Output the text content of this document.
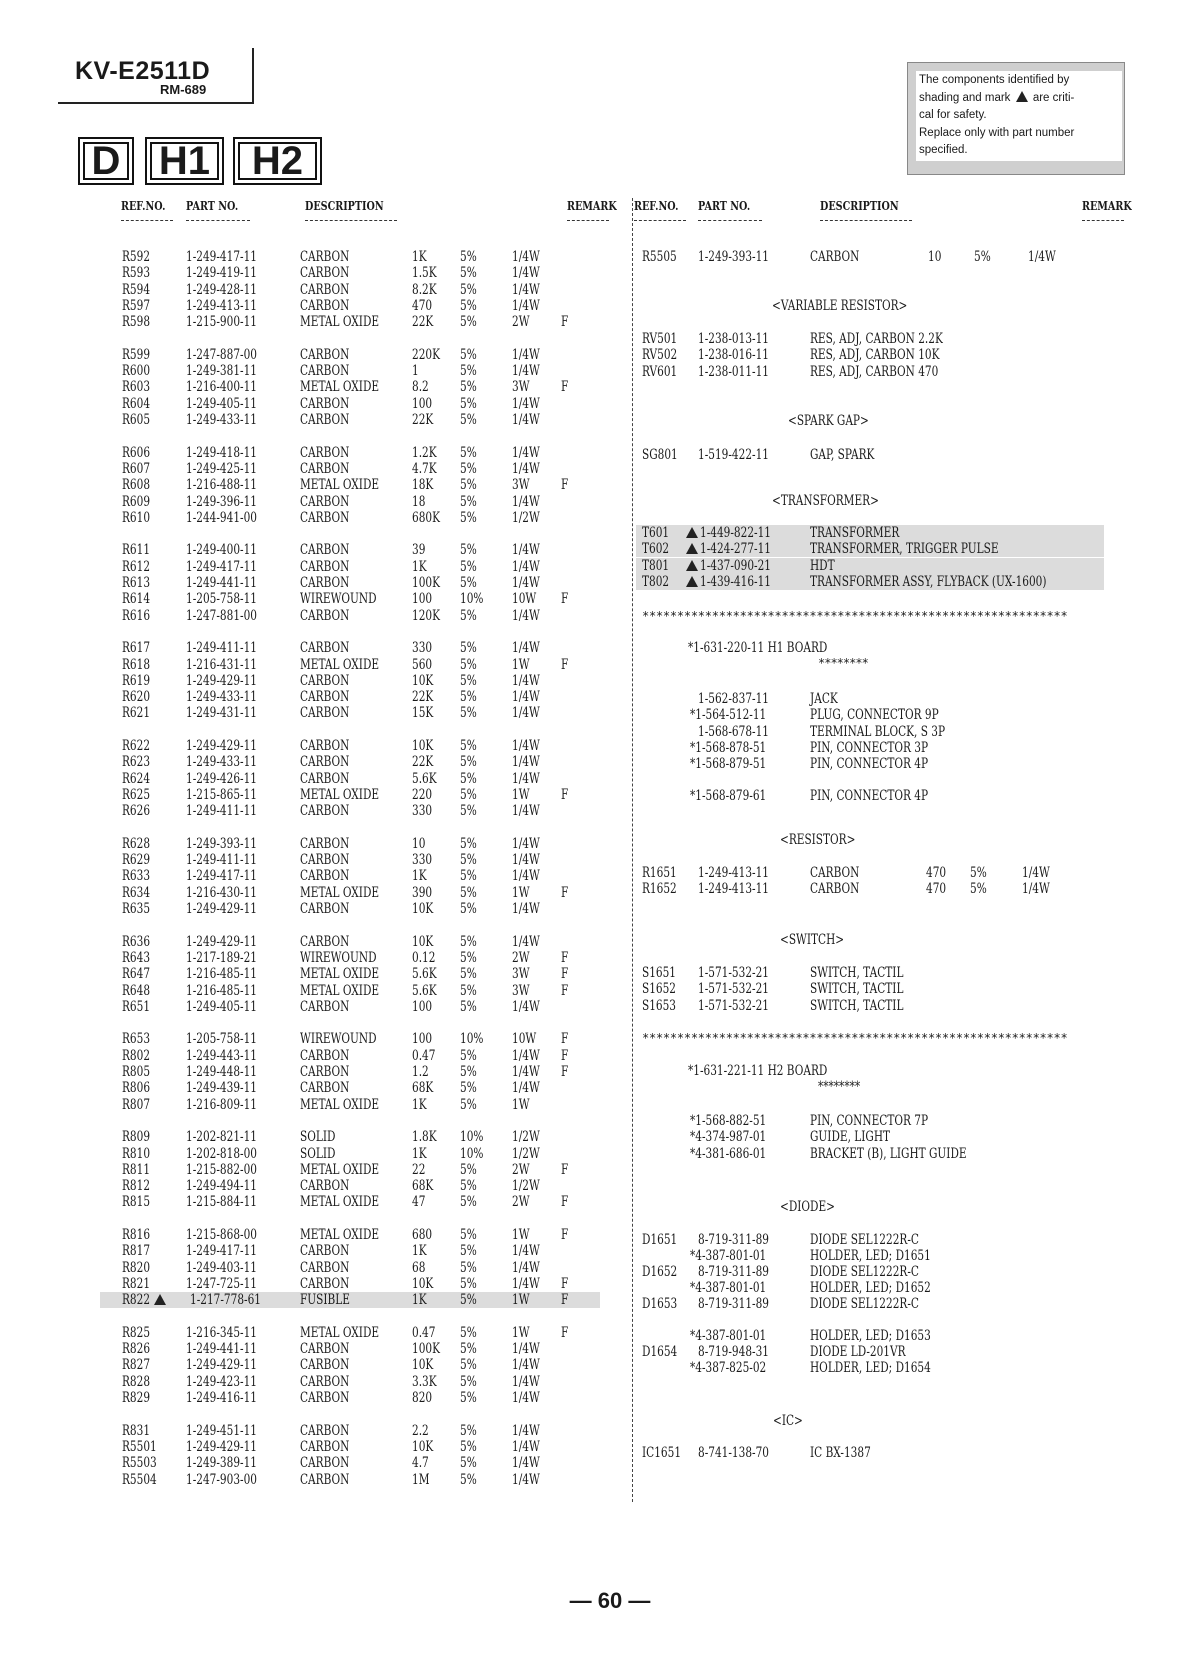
KV-E2511D
RM-689
D H1	H2
The components identified by
shading and mark are criti-
cal for safety.
Replace only with part number
specified.
REF.NO. PART NO.	DESCRIPTION	REMARK REF.NO. PART NO.	DESCRIPTION	REMARK
R592	1-249-417-11	CARBON	1K 5%	1/4W
R593	1-249-419-11	CARBON	1.5K 5%	1/4W
R594	1-249-428-11	CARBON	8.2K 5%	1/4W
R597	1-249-413-11	CARBON	470 5%	1/4W
R598	1-215-900-11	METAL OXIDE 22K 5%	2W F
R599	1-247-887-00	CARBON	220K 5%	1/4W
R600	1-249-381-11	CARBON	1	5%	1/4W
R603	1-216-400-11	METAL OXIDE 8.2 5%	3W F
R604	1-249-405-11	CARBON	100 5%	1/4W
R605	1-249-433-11	CARBON	22K 5%	1/4W
R606	1-249-418-11	CARBON	1.2K 5%	1/4W
R607	1-249-425-11	CARBON	4.7K 5%	1/4W
R608	1-216-488-11	METAL OXIDE 18K 5%	3W F
R609	1-249-396-11	CARBON	18	5%	1/4W
R610	1-244-941-00	CARBON	680K 5%	1/2W
R611	1-249-400-11	CARBON	39	5%	1/4W
R612	1-249-417-11	CARBON	1K 5%	1/4W
R613	1-249-441-11	CARBON	100K 5%	1/4W
R614	1-205-758-11	WIREWOUND	100 10% 10W F
R616	1-247-881-00	CARBON	120K 5%	1/4W
R617	1-249-411-11	CARBON	330 5%	1/4W
R618	1-216-431-11	METAL OXIDE 560 5%	1W F
R619	1-249-429-11	CARBON	10K 5%	1/4W
R620	1-249-433-11	CARBON	22K 5%	1/4W
R621	1-249-431-11	CARBON	15K 5%	1/4W
R622	1-249-429-11	CARBON	10K 5%	1/4W
R623	1-249-433-11	CARBON	22K 5%	1/4W
R624	1-249-426-11	CARBON	5.6K 5%	1/4W
R625	1-215-865-11	METAL OXIDE 220 5%	1W F
R626	1-249-411-11	CARBON	330 5%	1/4W
R628	1-249-393-11	CARBON	10	5%	1/4W
R629	1-249-411-11	CARBON	330 5%	1/4W
R633	1-249-417-11	CARBON	1K 5%	1/4W
R634	1-216-430-11	METAL OXIDE 390 5%	1W F
R635	1-249-429-11	CARBON	10K 5%	1/4W
R636	1-249-429-11	CARBON	10K 5%	1/4W
R643	1-217-189-21	WIREWOUND	0.12 5%	2W F
R647	1-216-485-11	METAL OXIDE 5.6K 5%	3W F
R648	1-216-485-11	METAL OXIDE 5.6K 5%	3W F
R651	1-249-405-11	CARBON	100 5%	1/4W
R653	1-205-758-11	WIREWOUND	100 10% 10W F
R802	1-249-443-11	CARBON	0.47 5%	1/4W F
R805	1-249-448-11	CARBON	1.2 5%	1/4W F
R806	1-249-439-11	CARBON	68K 5%	1/4W
R807	1-216-809-11	METAL OXIDE 1K 5%	1W
R809	1-202-821-11	SOLID	1.8K 10% 1/2W
R810	1-202-818-00	SOLID	1K 10% 1/2W
R811	1-215-882-00	METAL OXIDE 22	5%	2W F
R812	1-249-494-11	CARBON	68K 5%	1/2W
R815	1-215-884-11	METAL OXIDE 47	5%	2W F
R816	1-215-868-00	METAL OXIDE 680 5%	1W F
R817	1-249-417-11	CARBON	1K 5%	1/4W
R820	1-249-403-11	CARBON	68	5%	1/4W
R821	1-247-725-11	CARBON	10K 5%	1/4W F
R822	1-217-778-61	FUSIBLE	1K 5%	1W F
R825	1-216-345-11	METAL OXIDE 0.47 5%	1W F
R826	1-249-441-11	CARBON	100K 5%	1/4W
R827	1-249-429-11	CARBON	10K 5%	1/4W
R828	1-249-423-11	CARBON	3.3K 5%	1/4W
R829	1-249-416-11	CARBON	820 5%	1/4W
R831	1-249-451-11	CARBON	2.2 5%	1/4W
R5501 1-249-429-11	CARBON	10K 5%	1/4W
R5503 1-249-389-11	CARBON	4.7 5%	1/4W
R5504 1-247-903-00	CARBON	1M 5%	1/4W
R5505 1-249-393-11	CARBON	10 5%	1/4W
<VARIABLE RESISTOR>
RV501 1-238-013-11	RES, ADJ, CARBON 2.2K
RV502 1-238-016-11	RES, ADJ, CARBON 10K
RV601 1-238-011-11	RES, ADJ, CARBON 470
<SPARK GAP>
SG801 1-519-422-11	GAP, SPARK
<TRANSFORMER>
T601 1-449-822-11	TRANSFORMER
T602 1-424-277-11	TRANSFORMER, TRIGGER PULSE
T801 1-437-090-21	HDT
T802 1-439-416-11	TRANSFORMER ASSY, FLYBACK (UX-1600)
*************************************************************
*1-631-220-11 H1 BOARD
********
1-562-837-11	JACK
*1-564-512-11	PLUG, CONNECTOR 9P
1-568-678-11	TERMINAL BLOCK, S 3P
*1-568-878-51	PIN, CONNECTOR 3P
*1-568-879-51	PIN, CONNECTOR 4P
*1-568-879-61	PIN, CONNECTOR 4P
<RESISTOR>
R1651 1-249-413-11	CARBON	470 5%	1/4W
R1652 1-249-413-11	CARBON	470 5%	1/4W
<SWITCH>
S1651 1-571-532-21	SWITCH, TACTIL
S1652 1-571-532-21	SWITCH, TACTIL
S1653 1-571-532-21	SWITCH, TACTIL
*************************************************************
*1-631-221-11 H2 BOARD
********
*1-568-882-51	PIN, CONNECTOR 7P
*4-374-987-01	GUIDE, LIGHT
*4-381-686-01	BRACKET (B), LIGHT GUIDE
<DIODE>
D1651 8-719-311-89	DIODE SEL1222R-C
*4-387-801-01	HOLDER, LED; D1651
D1652 8-719-311-89	DIODE SEL1222R-C
*4-387-801-01	HOLDER, LED; D1652
D1653 8-719-311-89	DIODE SEL1222R-C
*4-387-801-01	HOLDER, LED; D1653
D1654 8-719-948-31	DIODE LD-201VR
*4-387-825-02	HOLDER, LED; D1654
<IC>
IC1651 8-741-138-70	IC BX-1387
— 60 —
